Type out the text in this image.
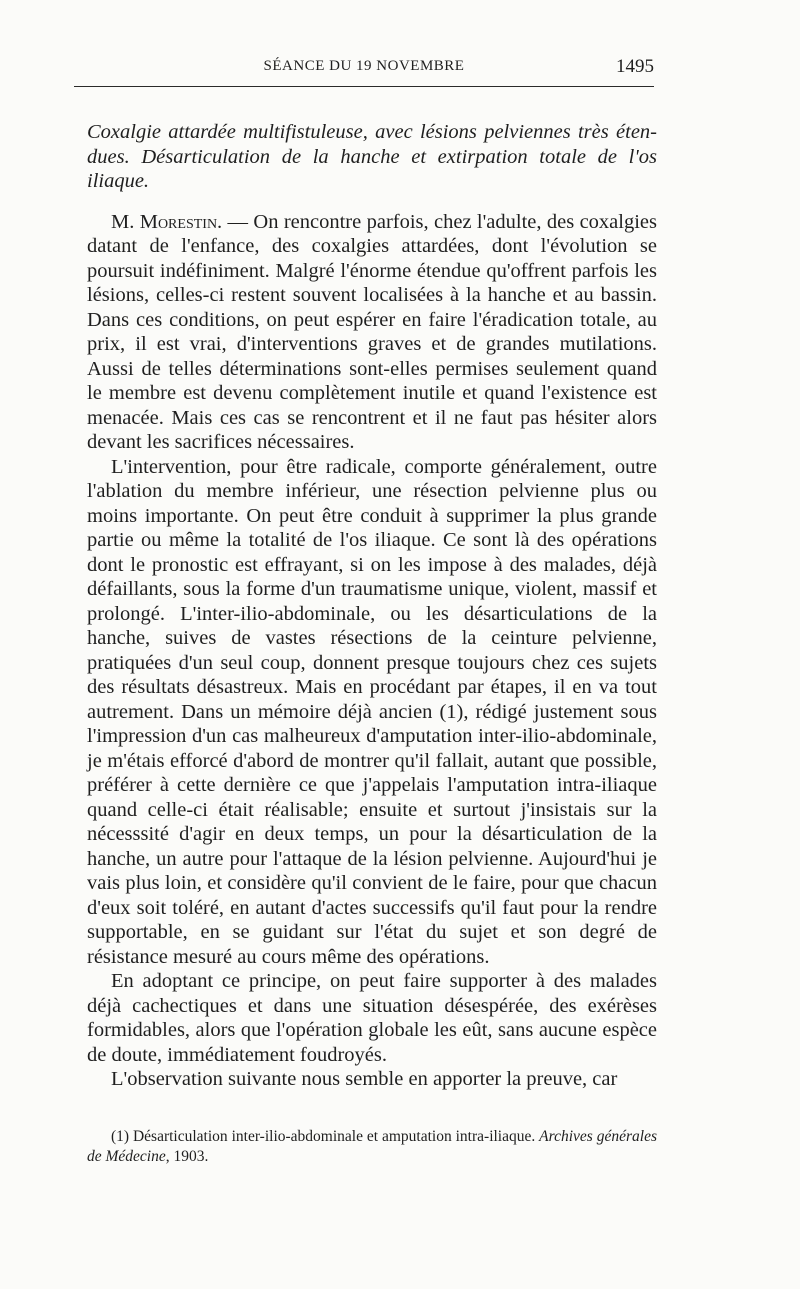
SÉANCE DU 19 NOVEMBRE	1495

Coxalgie attardée multifistuleuse, avec lésions pelviennes très étendues. Désarticulation de la hanche et extirpation totale de l'os iliaque.

M. Morestin. — On rencontre parfois, chez l'adulte, des coxalgies datant de l'enfance, des coxalgies attardées, dont l'évolution se poursuit indéfiniment. Malgré l'énorme étendue qu'offrent parfois les lésions, celles-ci restent souvent localisées à la hanche et au bassin. Dans ces conditions, on peut espérer en faire l'éradication totale, au prix, il est vrai, d'interventions graves et de grandes mutilations. Aussi de telles déterminations sont-elles permises seulement quand le membre est devenu complètement inutile et quand l'existence est menacée. Mais ces cas se rencontrent et il ne faut pas hésiter alors devant les sacrifices nécessaires.

L'intervention, pour être radicale, comporte généralement, outre l'ablation du membre inférieur, une résection pelvienne plus ou moins importante. On peut être conduit à supprimer la plus grande partie ou même la totalité de l'os iliaque. Ce sont là des opérations dont le pronostic est effrayant, si on les impose à des malades, déjà défaillants, sous la forme d'un traumatisme unique, violent, massif et prolongé. L'inter-ilio-abdominale, ou les désarticulations de la hanche, suives de vastes résections de la ceinture pelvienne, pratiquées d'un seul coup, donnent presque toujours chez ces sujets des résultats désastreux. Mais en procédant par étapes, il en va tout autrement. Dans un mémoire déjà ancien (1), rédigé justement sous l'impression d'un cas malheureux d'amputation inter-ilio-abdominale, je m'étais efforcé d'abord de montrer qu'il fallait, autant que possible, préférer à cette dernière ce que j'appelais l'amputation intra-iliaque quand celle-ci était réalisable; ensuite et surtout j'insistais sur la nécesssité d'agir en deux temps, un pour la désarticulation de la hanche, un autre pour l'attaque de la lésion pelvienne. Aujourd'hui je vais plus loin, et considère qu'il convient de le faire, pour que chacun d'eux soit toléré, en autant d'actes successifs qu'il faut pour la rendre supportable, en se guidant sur l'état du sujet et son degré de résistance mesuré au cours même des opérations.

En adoptant ce principe, on peut faire supporter à des malades déjà cachectiques et dans une situation désespérée, des exérèses formidables, alors que l'opération globale les eût, sans aucune espèce de doute, immédiatement foudroyés.

L'observation suivante nous semble en apporter la preuve, car

(1) Désarticulation inter-ilio-abdominale et amputation intra-iliaque. Archives générales de Médecine, 1903.
